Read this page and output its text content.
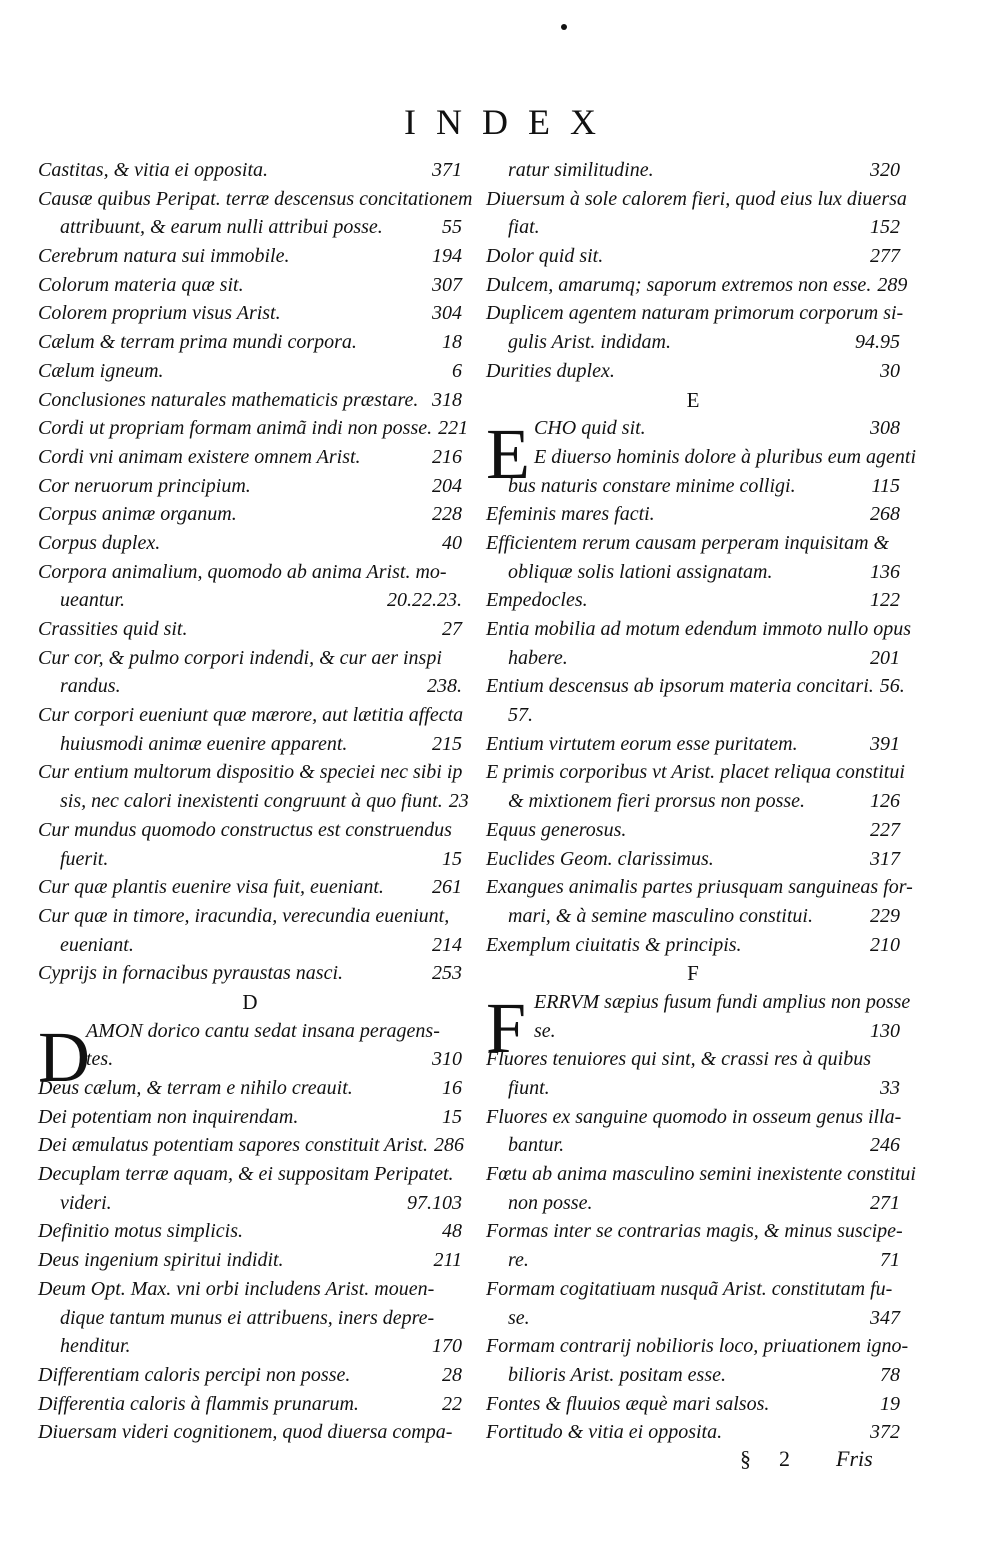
INDEX
Castitas, & vitia ei opposita.	371
Causæ quibus Peripat. terræ descensus concitationem
attribuunt, & earum nulli attribui posse.	55
Cerebrum natura sui immobile.	194
Colorum materia quæ sit.	307
Colorem proprium visus Arist.	304
Cælum & terram prima mundi corpora.	18
Cælum igneum.	6
Conclusiones naturales mathematicis præstare. 318
Cordi ut propriam formam animã indi non posse. 221
Cordi vni animam existere omnem Arist.	216
Cor neruorum principium.	204
Corpus animæ organum.	228
Corpus duplex.	40
Corpora animalium, quomodo ab anima Arist. mo-
ueantur.	20.22.23.
Crassities quid sit.	27
Cur cor, & pulmo corpori indendi, & cur aer inspi
randus.	238.
Cur corpori eueniunt quæ mærore, aut lætitia affecta
huiusmodi animæ euenire apparent.	215
Cur entium multorum dispositio & speciei nec sibi ip
sis, nec calori inexistenti congruunt à quo fiunt. 23
Cur mundus quomodo constructus est construendus
fuerit.	15
Cur quæ plantis euenire visa fuit, eueniant.	261
Cur quæ in timore, iracundia, verecundia eueniunt,
eueniant.	214
Cyprijs in fornacibus pyraustas nasci.	253
D
D
AMON dorico cantu sedat insana peragens-
tes.	310
Deus cælum, & terram e nihilo creauit.	16
Dei potentiam non inquirendam.	15
Dei æmulatus potentiam sapores constituit Arist. 286
Decuplam terræ aquam, & ei suppositam Peripatet.
videri.	97.103
Definitio motus simplicis.	48
Deus ingenium spiritui indidit.	211
Deum Opt. Max. vni orbi includens Arist. mouen-
dique tantum munus ei attribuens, iners depre-
henditur.	170
Differentiam caloris percipi non posse.	28
Differentia caloris à flammis prunarum.	22
Diuersam videri cognitionem, quod diuersa compa-
ratur similitudine.	320
Diuersum à sole calorem fieri, quod eius lux diuersa
fiat.	152
Dolor quid sit.	277
Dulcem, amarumq; saporum extremos non esse. 289
Duplicem agentem naturam primorum corporum si-
gulis Arist. indidam.	94.95
Durities duplex.	30
E
E CHO quid sit.	308
E diuerso hominis dolore à pluribus eum agenti
bus naturis constare minime colligi.	115
Efeminis mares facti.	268
Efficientem rerum causam perperam inquisitam &
obliquæ solis lationi assignatam.	136
Empedocles.	122
Entia mobilia ad motum edendum immoto nullo opus
habere.	201
Entium descensus ab ipsorum materia concitari. 56.
57.
Entium virtutem eorum esse puritatem.	391
E primis corporibus vt Arist. placet reliqua constitui
& mixtionem fieri prorsus non posse.	126
Equus generosus.	227
Euclides Geom. clarissimus.	317
Exangues animalis partes priusquam sanguineas for-
mari, & à semine masculino constitui.	229
Exemplum ciuitatis & principis.	210
F
F ERRVM sæpius fusum fundi amplius non posse
se.	130
Fluores tenuiores qui sint, & crassi res à quibus
fiunt.	33
Fluores ex sanguine quomodo in osseum genus illa-
bantur.	246
Fœtu ab anima masculino semini inexistente constitui
non posse.	271
Formas inter se contrarias magis, & minus suscipe-
re.	71
Formam cogitatiuam nusquã Arist. constitutam fu-
se.	347
Formam contrarij nobilioris loco, priuationem igno-
bilioris Arist. positam esse.	78
Fontes & fluuios æquè mari salsos.	19
Fortitudo & vitia ei opposita.	372
§ 2	Fris
